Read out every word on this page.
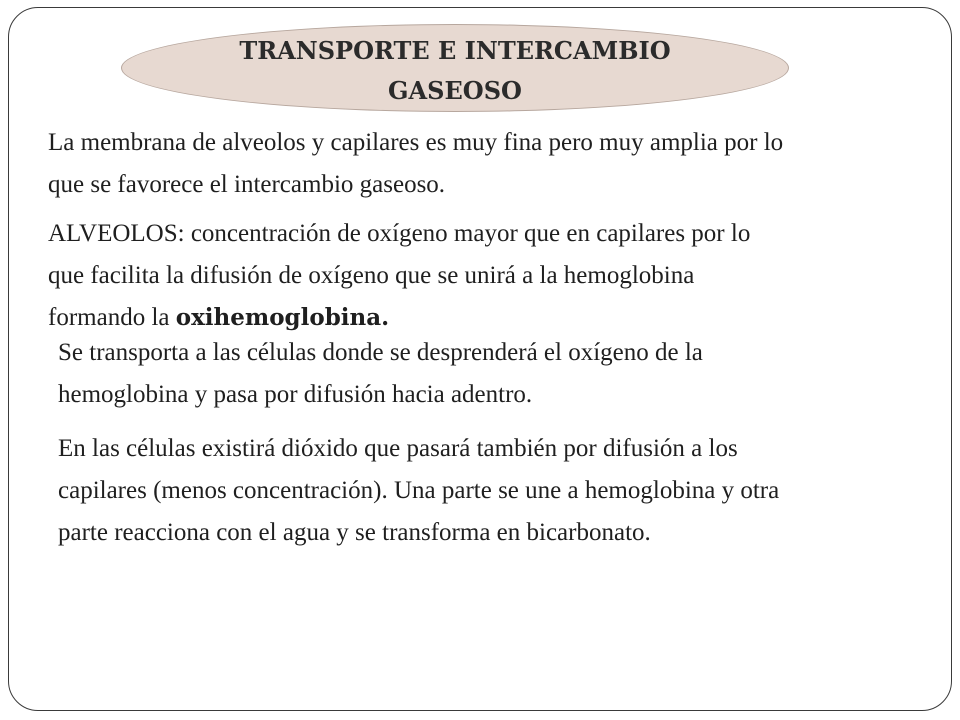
TRANSPORTE E INTERCAMBIO
GASEOSO
La membrana de alveolos y capilares es muy fina pero muy amplia por lo
que se favorece el intercambio gaseoso.
ALVEOLOS: concentración de oxígeno mayor que en capilares por lo
que facilita la difusión de oxígeno que se unirá a la hemoglobina
formando la oxihemoglobina.
Se transporta a las células donde se desprenderá el oxígeno de la
hemoglobina y pasa por difusión hacia adentro.
En las células existirá dióxido que pasará también por difusión a los
capilares (menos concentración). Una parte se une a hemoglobina y otra
parte reacciona con el agua y se transforma en bicarbonato.
